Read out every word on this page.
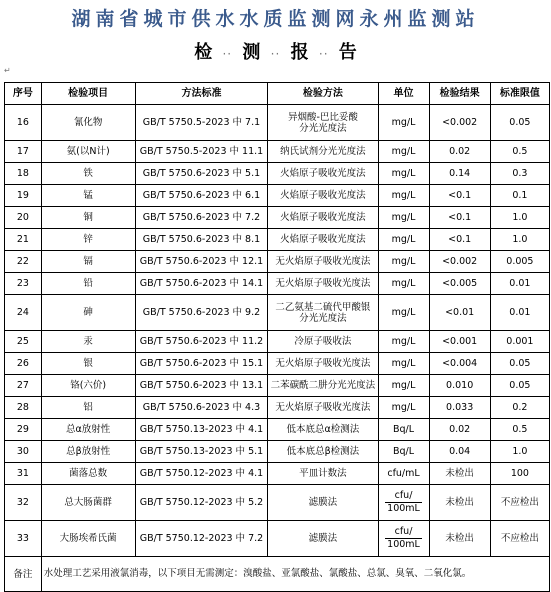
湖南省城市供水水质监测网永州监测站
检 ·· 测 ·· 报 ·· 告
↵
序号	检验项目	方法标准	检验方法	单位	检验结果	标准限值
16	氰化物	GB/T 5750.5-2023 中 7.1	异烟酸-巴比妥酸
分光光度法	mg/L	<0.002	0.05
17	氨(以N计)	GB/T 5750.5-2023 中 11.1	纳氏试剂分光光度法	mg/L	0.02	0.5
18	铁	GB/T 5750.6-2023 中 5.1	火焰原子吸收光度法	mg/L	0.14	0.3
19	锰	GB/T 5750.6-2023 中 6.1	火焰原子吸收光度法	mg/L	<0.1	0.1
20	铜	GB/T 5750.6-2023 中 7.2	火焰原子吸收光度法	mg/L	<0.1	1.0
21	锌	GB/T 5750.6-2023 中 8.1	火焰原子吸收光度法	mg/L	<0.1	1.0
22	镉	GB/T 5750.6-2023 中 12.1	无火焰原子吸收光度法	mg/L	<0.002	0.005
23	铅	GB/T 5750.6-2023 中 14.1	无火焰原子吸收光度法	mg/L	<0.005	0.01
24	砷	GB/T 5750.6-2023 中 9.2	二乙氨基二硫代甲酸银
分光光度法	mg/L	<0.01	0.01
25	汞	GB/T 5750.6-2023 中 11.2	冷原子吸收法	mg/L	<0.001	0.001
26	银	GB/T 5750.6-2023 中 15.1	无火焰原子吸收光度法	mg/L	<0.004	0.05
27	铬(六价)	GB/T 5750.6-2023 中 13.1	二苯碳酰二肼分光光度法	mg/L	0.010	0.05
28	铝	GB/T 5750.6-2023 中 4.3	无火焰原子吸收光度法	mg/L	0.033	0.2
29	总α放射性	GB/T 5750.13-2023 中 4.1	低本底总α检测法	Bq/L	0.02	0.5
30	总β放射性	GB/T 5750.13-2023 中 5.1	低本底总β检测法	Bq/L	0.04	1.0
31	菌落总数	GB/T 5750.12-2023 中 4.1	平皿计数法	cfu/mL	未检出	100
32	总大肠菌群	GB/T 5750.12-2023 中 5.2	滤膜法	$\frac{\text{cfu/}}{100mL}$	未检出	不应检出
33	大肠埃希氏菌	GB/T 5750.12-2023 中 7.2	滤膜法	$\frac{\text{cfu/}}{100mL}$	未检出	不应检出
备注	水处理工艺采用液氯消毒，以下项目无需测定：溴酸盐、亚氯酸盐、氯酸盐、总氯、臭氧、二氧化氯。					
